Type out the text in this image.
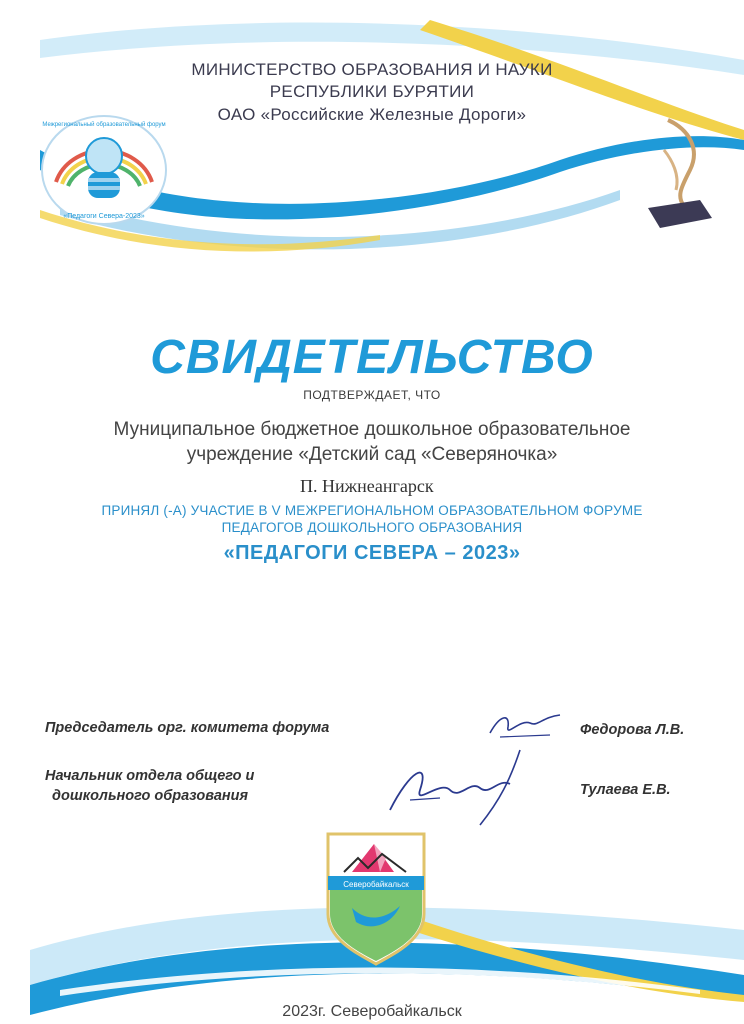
Межрегиональный образовательный форум
«Педагоги Севера-2023»
МИНИСТЕРСТВО ОБРАЗОВАНИЯ И НАУКИ
РЕСПУБЛИКИ БУРЯТИИ
ОАО «Российские Железные Дороги»
СВИДЕТЕЛЬСТВО
ПОДТВЕРЖДАЕТ, ЧТО
Муниципальное бюджетное дошкольное образовательное
учреждение «Детский сад «Северяночка»
П. Нижнеангарск
ПРИНЯЛ (-А) УЧАСТИЕ В V МЕЖРЕГИОНАЛЬНОМ ОБРАЗОВАТЕЛЬНОМ ФОРУМЕ
ПЕДАГОГОВ ДОШКОЛЬНОГО ОБРАЗОВАНИЯ
«ПЕДАГОГИ СЕВЕРА – 2023»
Председатель орг. комитета форума	Федорова Л.В.
Начальник отдела общего и
дошкольного образования	Тулаева Е.В.
Северобайкальск
2023г. Северобайкальск
